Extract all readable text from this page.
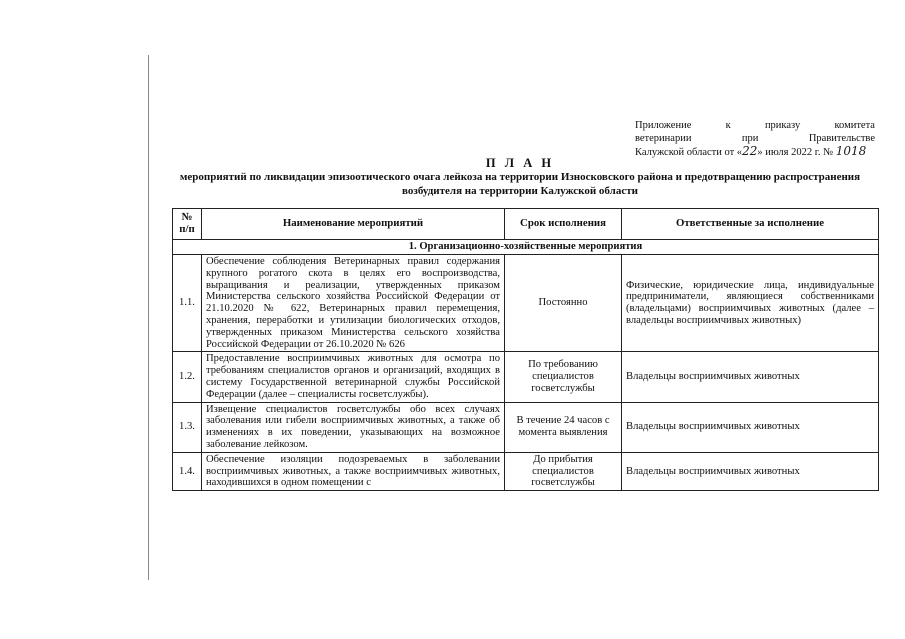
Приложение	к	приказу	комитета
ветеринарии	при	Правительстве
Калужской области от «22» июля 2022 г. № 1018
П Л А Н
мероприятий по ликвидации эпизоотического очага лейкоза на территории Износковского района и предотвращению распространения возбудителя на территории Калужской области
№ п/п	Наименование мероприятий	Срок исполнения	Ответственные за исполнение
1. Организационно-хозяйственные мероприятия			
1.1.	Обеспечение соблюдения Ветеринарных правил содержания крупного рогатого скота в целях его воспроизводства, выращивания и реализации, утвержденных приказом Министерства сельского хозяйства Российской Федерации от 21.10.2020 № 622, Ветеринарных правил перемещения, хранения, переработки и утилизации биологических отходов, утвержденных приказом Министерства сельского хозяйства Российской Федерации от 26.10.2020 № 626	Постоянно	Физические, юридические лица, индивидуальные предприниматели, являющиеся собственниками (владельцами) восприимчивых животных (далее – владельцы восприимчивых животных)
1.2.	Предоставление восприимчивых животных для осмотра по требованиям специалистов органов и организаций, входящих в систему Государственной ветеринарной службы Российской Федерации (далее – специалисты госветслужбы).	По требованию специалистов госветслужбы	Владельцы восприимчивых животных
1.3.	Извещение специалистов госветслужбы обо всех случаях заболевания или гибели восприимчивых животных, а также об изменениях в их поведении, указывающих на возможное заболевание лейкозом.	В течение 24 часов с момента выявления	Владельцы восприимчивых животных
1.4.	Обеспечение изоляции подозреваемых в заболевании восприимчивых животных, а также восприимчивых животных, находившихся в одном помещении с	До прибытия специалистов госветслужбы	Владельцы восприимчивых животных
